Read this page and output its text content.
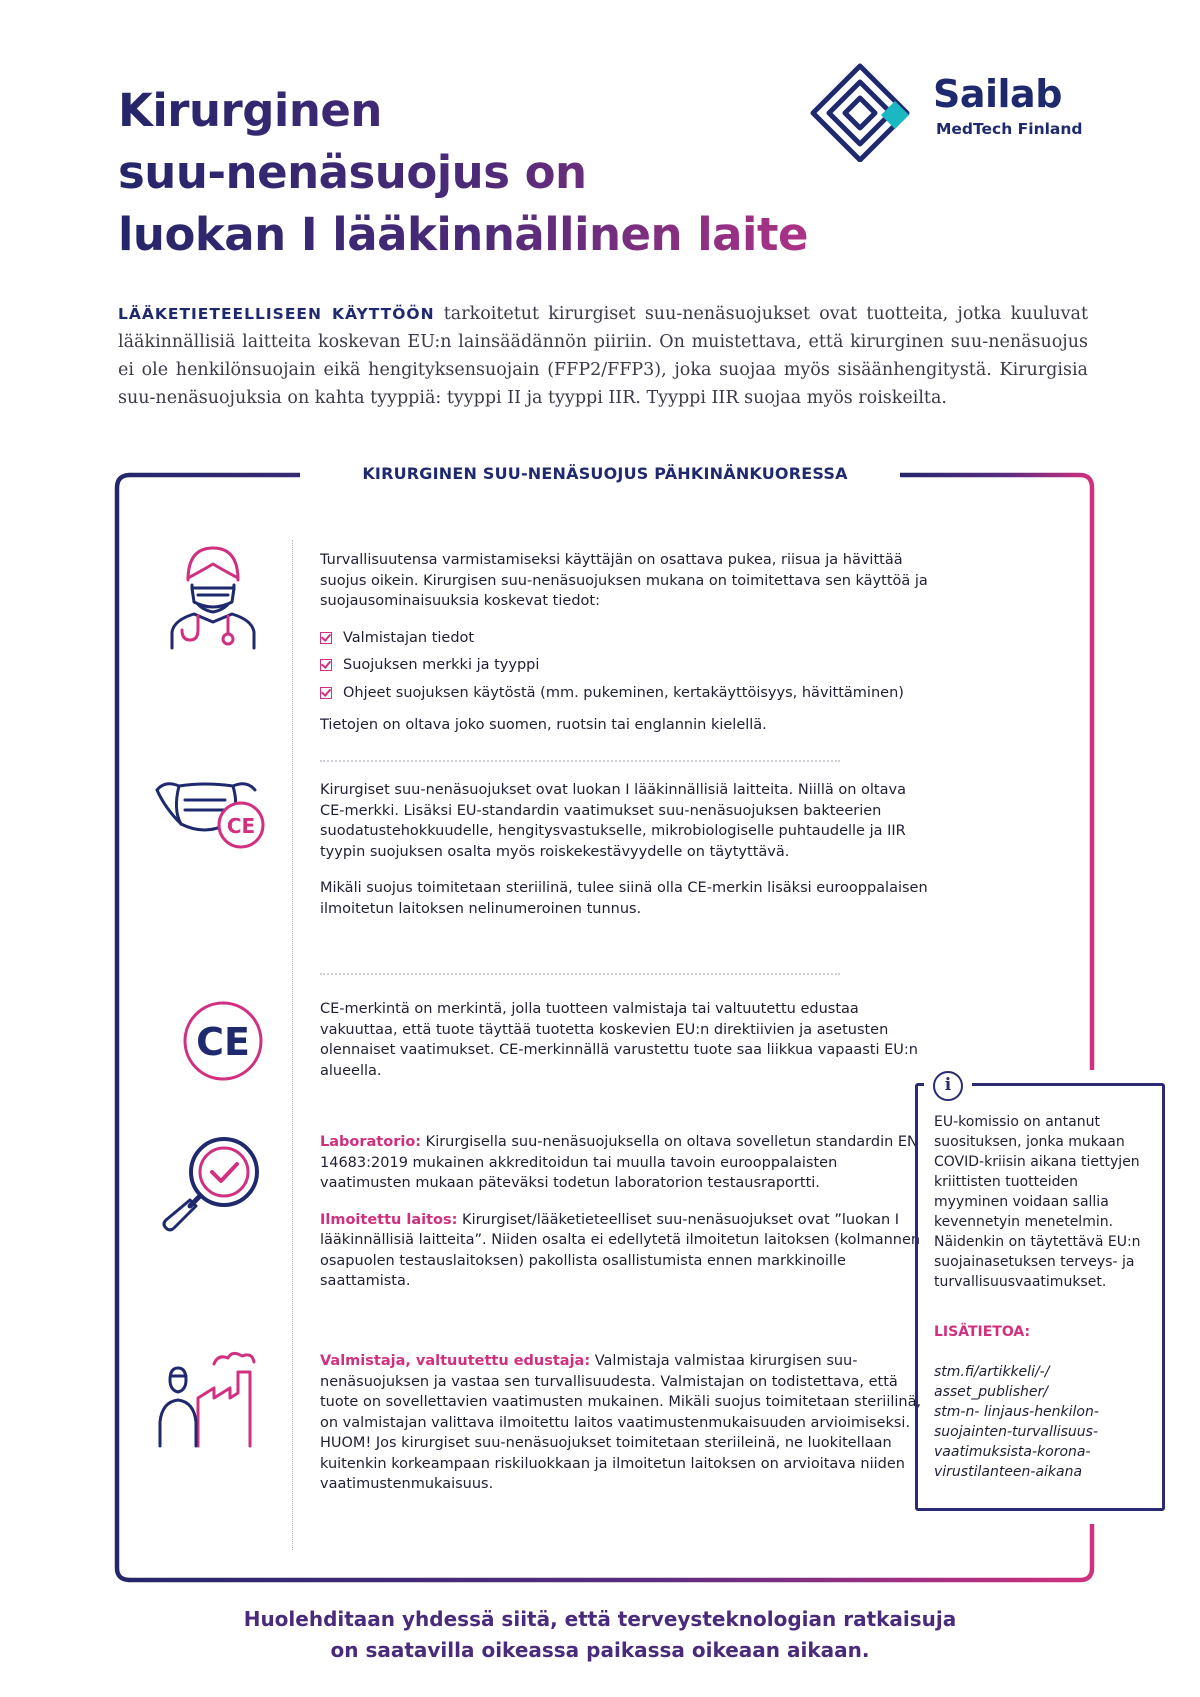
Kirurginen
suu-nenäsuojus on
luokan I lääkinnällinen laite
Sailab
MedTech Finland

LÄÄKETIETEELLISEEN KÄYTTÖÖN tarkoitetut kirurgiset suu-nenäsuojukset ovat tuotteita, jotka kuuluvat lääkinnällisiä laitteita koskevan EU:n lainsäädännön piiriin. On muistettava, että kirurginen suu-nenäsuojus ei ole henkilönsuojain eikä hengityksensuojain (FFP2/FFP3), joka suojaa myös sisäänhengitystä. Kirurgisia suu-nenäsuojuksia on kahta tyyppiä: tyyppi II ja tyyppi IIR. Tyyppi IIR suojaa myös roiskeilta.

KIRURGINEN SUU-NENÄSUOJUS PÄHKINÄNKUORESSA

Turvallisuutensa varmistamiseksi käyttäjän on osattava pukea, riisua ja hävittää suojus oikein. Kirurgisen suu-nenäsuojuksen mukana on toimitettava sen käyttöä ja suojausominaisuuksia koskevat tiedot:

Valmistajan tiedot
Suojuksen merkki ja tyyppi
Ohjeet suojuksen käytöstä (mm. pukeminen, kertakäyttöisyys, hävittäminen)

Tietojen on oltava joko suomen, ruotsin tai englannin kielellä.

CE

Kirurgiset suu-nenäsuojukset ovat luokan I lääkinnällisiä laitteita. Niillä on oltava CE-merkki. Lisäksi EU-standardin vaatimukset suu-nenäsuojuksen bakteerien suodatustehokkuudelle, hengitysvastukselle, mikrobiologiselle puhtaudelle ja IIR tyypin suojuksen osalta myös roiskekestävyydelle on täytyttävä.

Mikäli suojus toimitetaan steriilinä, tulee siinä olla CE-merkin lisäksi eurooppalaisen ilmoitetun laitoksen nelinumeroinen tunnus.

CE

CE-merkintä on merkintä, jolla tuotteen valmistaja tai valtuutettu edustaa vakuuttaa, että tuote täyttää tuotetta koskevien EU:n direktiivien ja asetusten olennaiset vaatimukset. CE-merkinnällä varustettu tuote saa liikkua vapaasti EU:n alueella.

Laboratorio: Kirurgisella suu-nenäsuojuksella on oltava sovelletun standardin EN 14683:2019 mukainen akkreditoidun tai muulla tavoin eurooppalaisten vaatimusten mukaan päteväksi todetun laboratorion testausraportti.

Ilmoitettu laitos: Kirurgiset/lääketieteelliset suu-nenäsuojukset ovat ”luokan I lääkinnällisiä laitteita”. Niiden osalta ei edellytetä ilmoitetun laitoksen (kolmannen osapuolen testauslaitoksen) pakollista osallistumista ennen markkinoille saattamista.

Valmistaja, valtuutettu edustaja: Valmistaja valmistaa kirurgisen suu-nenäsuojuksen ja vastaa sen turvallisuudesta. Valmistajan on todistettava, että tuote on sovellettavien vaatimusten mukainen. Mikäli suojus toimitetaan steriilinä, on valmistajan valittava ilmoitettu laitos vaatimustenmukaisuuden arvioimiseksi. HUOM! Jos kirurgiset suu-nenäsuojukset toimitetaan steriileinä, ne luokitellaan kuitenkin korkeampaan riskiluokkaan ja ilmoitetun laitoksen on arvioitava niiden vaatimustenmukaisuus.

i
EU-komissio on antanut suosituksen, jonka mukaan COVID-kriisin aikana tiettyjen kriittisten tuotteiden myyminen voidaan sallia kevennetyin menetelmin. Näidenkin on täytettävä EU:n suojainasetuksen terveys- ja turvallisuusvaatimukset.
LISÄTIETOA:
stm.fi/artikkeli/-/
asset_publisher/
stm-n- linjaus-henkilon-
suojainten-turvallisuus-
vaatimuksista-korona-
virustilanteen-aikana
Huolehditaan yhdessä siitä, että terveysteknologian ratkaisuja
on saatavilla oikeassa paikassa oikeaan aikaan.
